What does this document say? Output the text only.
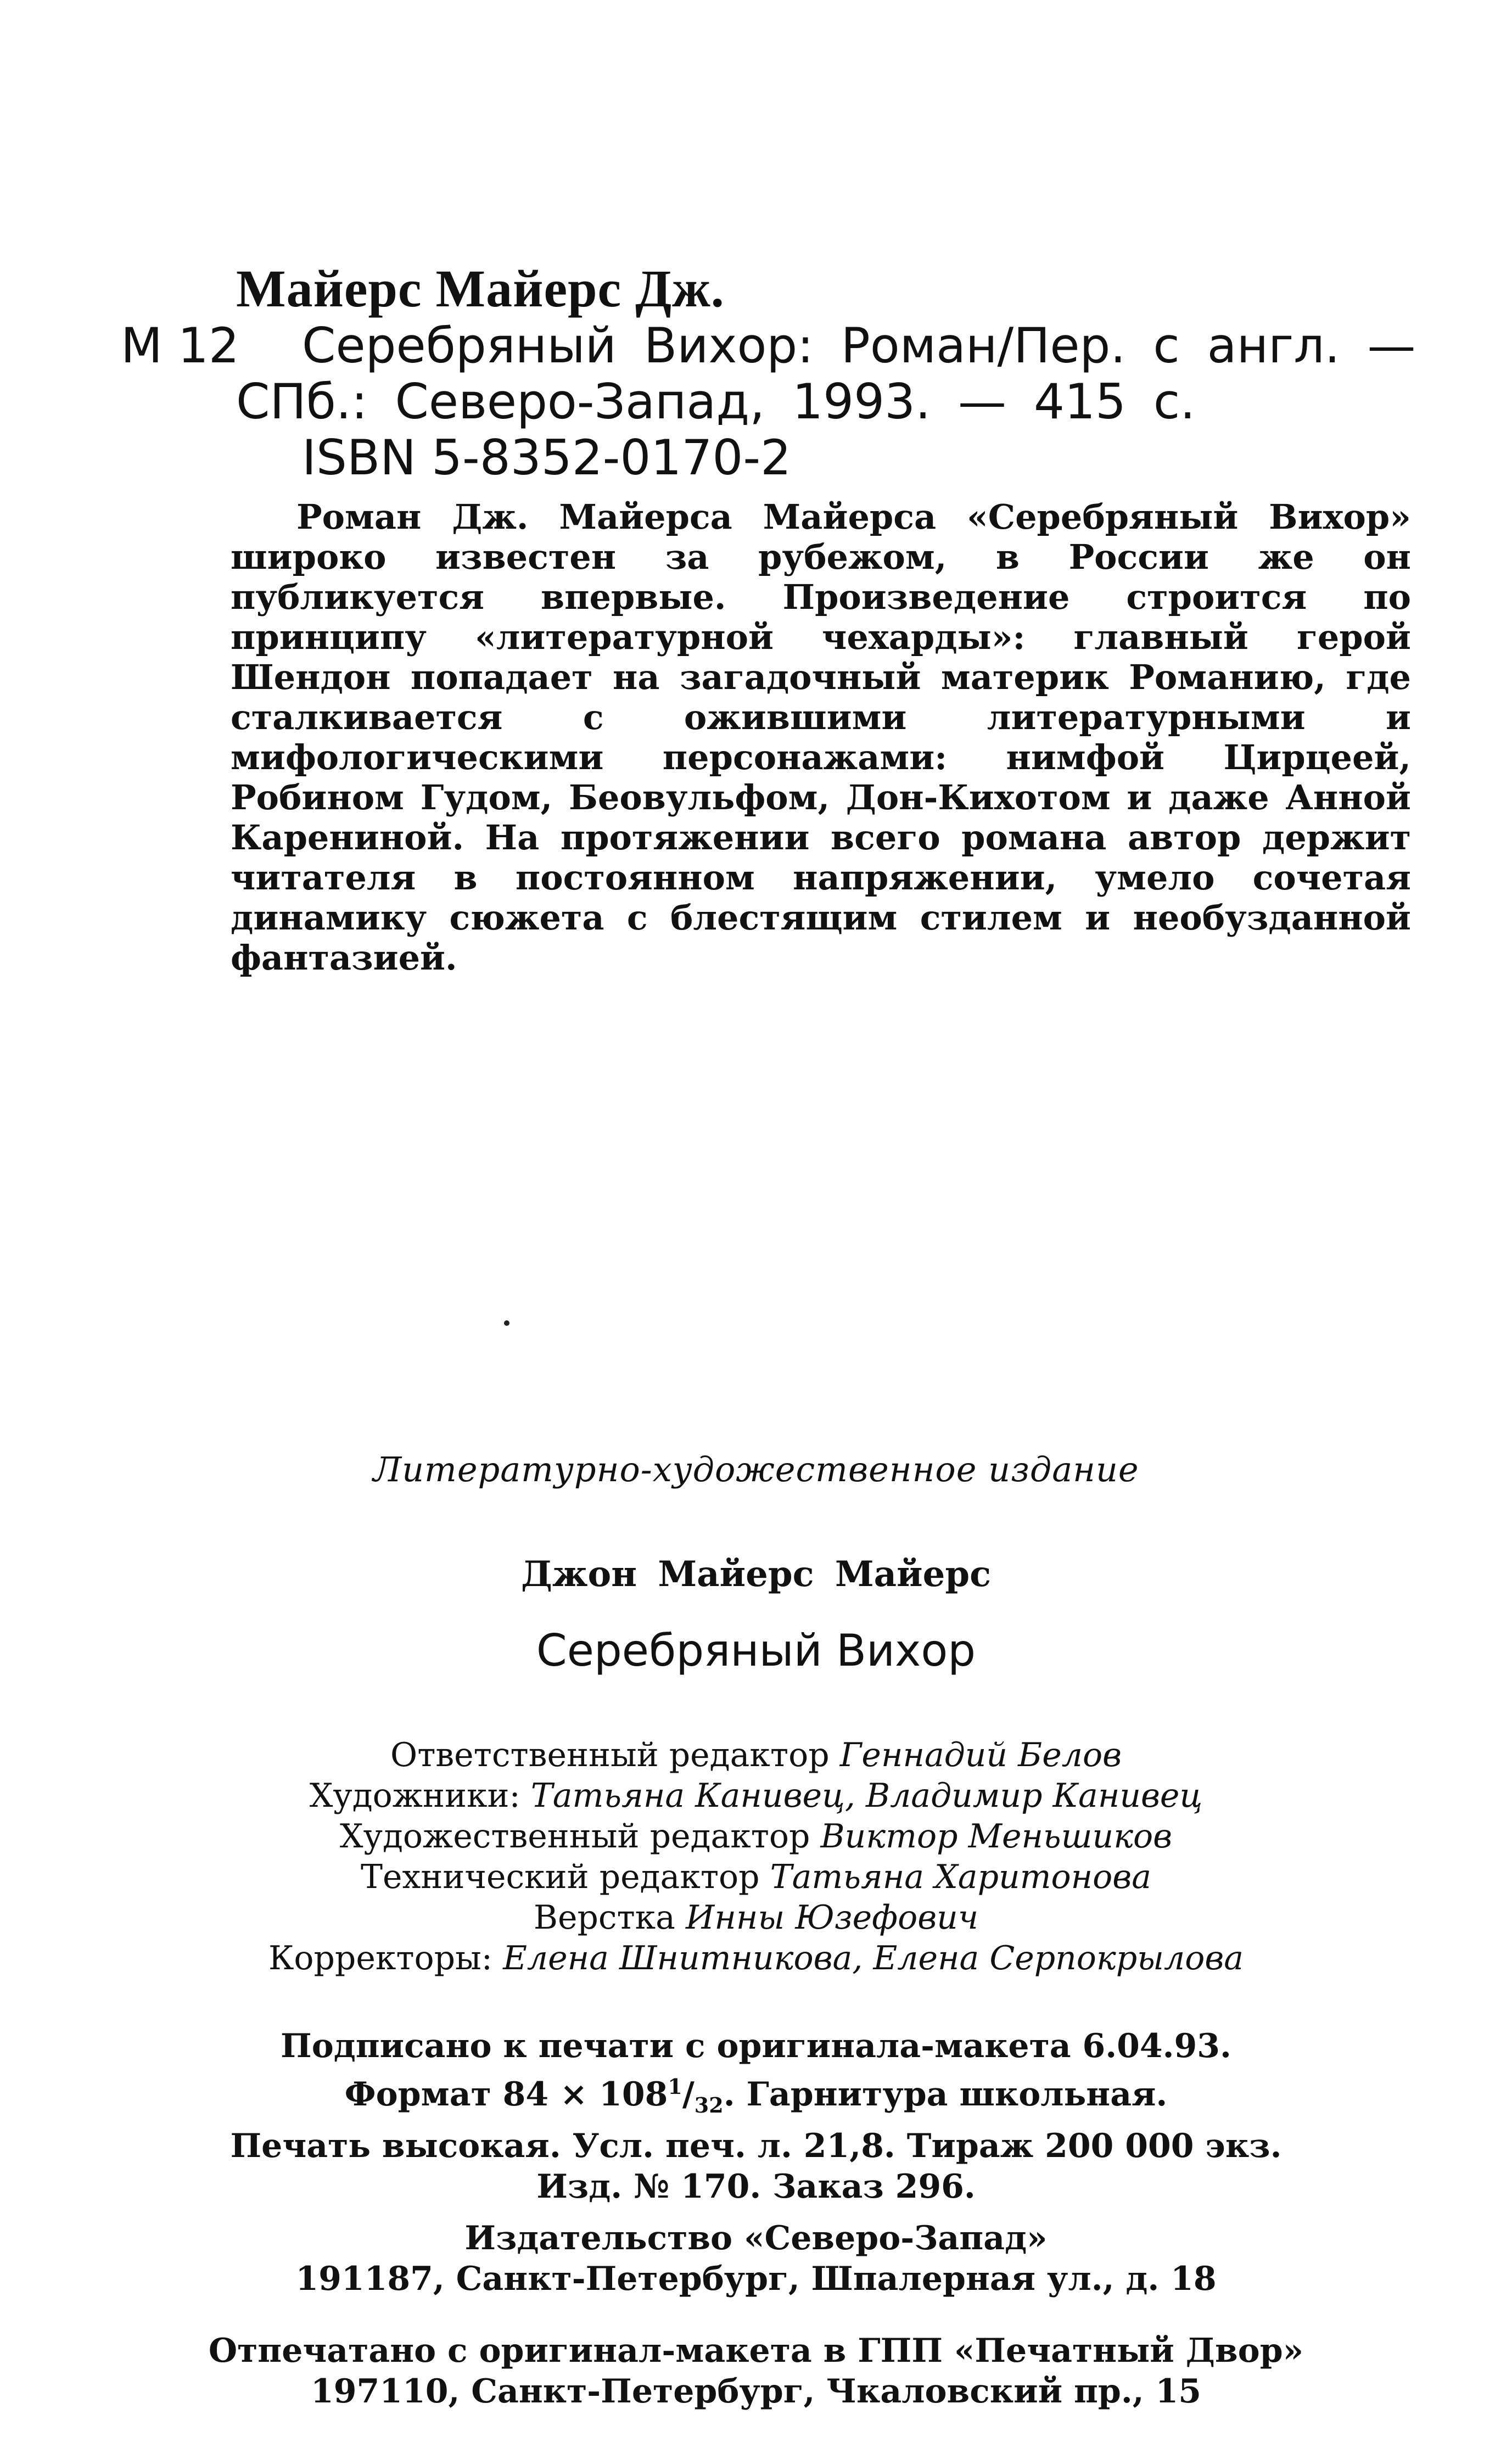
Майерс Майерс Дж.
М 12 Серебряный Вихор: Роман/Пер. с англ. —
СПб.: Северо-Запад, 1993. — 415 с.
ISBN 5-8352-0170-2

Роман Дж. Майерса Майерса «Серебряный Вихор» широко известен за рубежом, в России же он публикуется впервые. Произведение строится по принципу «литературной чехарды»: главный герой Шендон попадает на загадочный материк Романию, где сталкивается с ожившими литературными и мифологическими персонажами: нимфой Цирцеей, Робином Гудом, Беовульфом, Дон-Кихотом и даже Анной Карениной. На протяжении всего романа автор держит читателя в постоянном напряжении, умело сочетая динамику сюжета с блестящим стилем и необузданной фантазией.

Литературно-художественное издание
Джон Майерс Майерс
Серебряный Вихор
Ответственный редактор Геннадий Белов
Художники: Татьяна Канивец, Владимир Канивец
Художественный редактор Виктор Меньшиков
Технический редактор Татьяна Харитонова
Верстка Инны Юзефович
Корректоры: Елена Шнитникова, Елена Серпокрылова
Подписано к печати с оригинала-макета 6.04.93.
Формат $84 \times 108^1/_{32}$. Гарнитура школьная.
Печать высокая. Усл. печ. л. 21,8. Тираж 200 000 экз.
Изд. № 170. Заказ 296.
Издательство «Северо-Запад»
191187, Санкт-Петербург, Шпалерная ул., д. 18
Отпечатано с оригинал-макета в ГПП «Печатный Двор»
197110, Санкт-Петербург, Чкаловский пр., 15
